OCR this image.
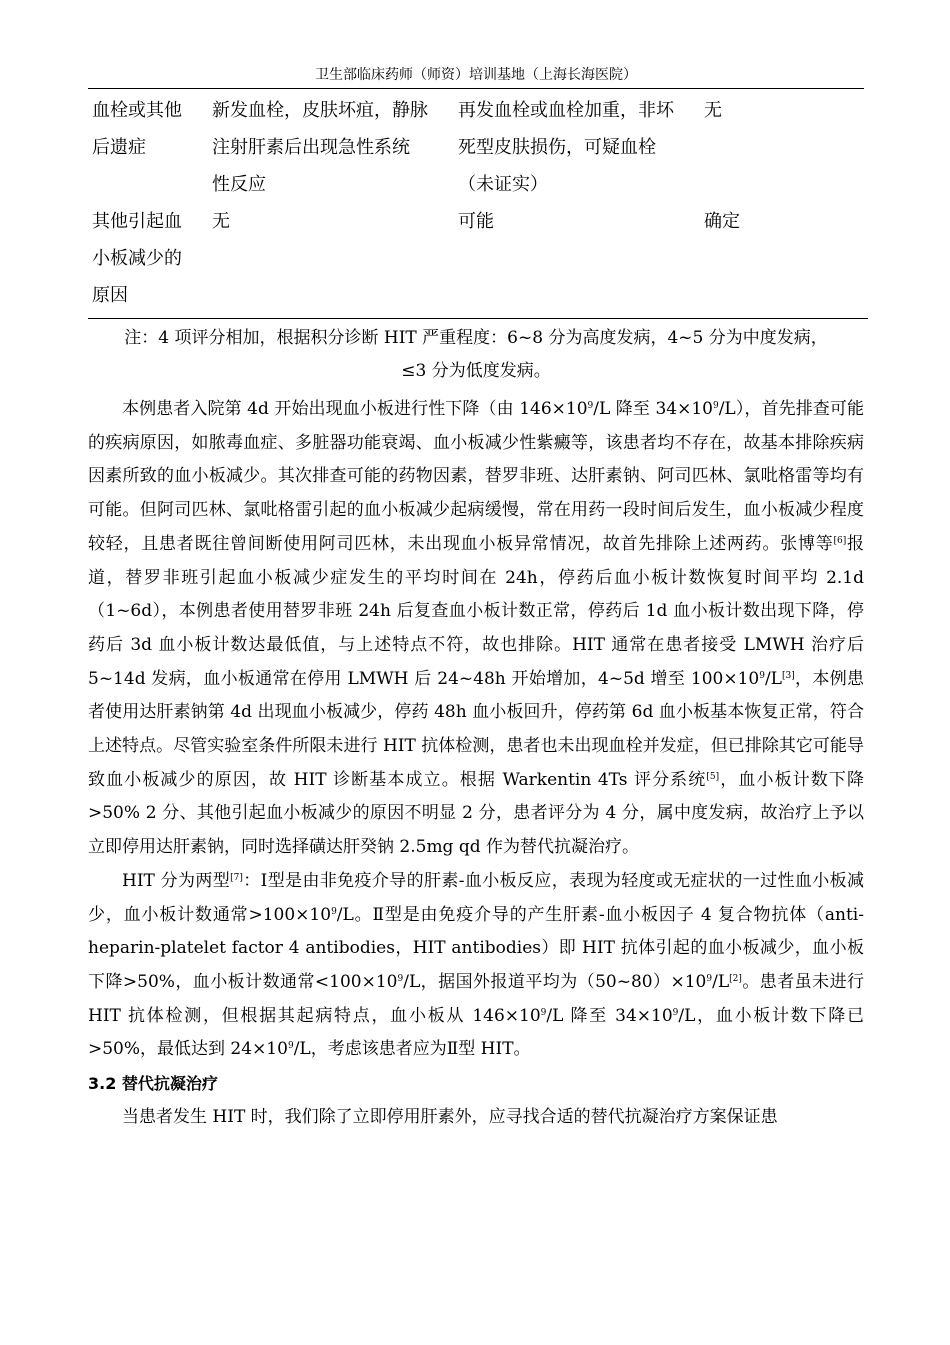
卫生部临床药师（师资）培训基地（上海长海医院）
血栓或其他
后遗症
新发血栓，皮肤坏疽，静脉
注射肝素后出现急性系统
性反应
再发血栓或血栓加重，非坏
死型皮肤损伤，可疑血栓
（未证实）
无
其他引起血
小板减少的
原因
无	可能	确定
注：4 项评分相加，根据积分诊断 HIT 严重程度：6~8 分为高度发病，4~5 分为中度发病，
≤3 分为低度发病。

本例患者入院第 4d 开始出现血小板进行性下降（由 $146\times 10^9/L$ 降至 $34\times 10^9/L$），首先排查可能的疾病原因，如脓毒血症、多脏器功能衰竭、血小板减少性紫癜等，该患者均不存在，故基本排除疾病因素所致的血小板减少。其次排查可能的药物因素，替罗非班、达肝素钠、阿司匹林、氯吡格雷等均有可能。但阿司匹林、氯吡格雷引起的血小板减少起病缓慢，常在用药一段时间后发生，血小板减少程度较轻，且患者既往曾间断使用阿司匹林，未出现血小板异常情况，故首先排除上述两药。张博等[6]报道，替罗非班引起血小板减少症发生的平均时间在 24h，停药后血小板计数恢复时间平均 2.1d（1~6d），本例患者使用替罗非班 24h 后复查血小板计数正常，停药后 1d 血小板计数出现下降，停药后 3d 血小板计数达最低值，与上述特点不符，故也排除。HIT 通常在患者接受 LMWH 治疗后 5~14d 发病，血小板通常在停用 LMWH 后 24~48h 开始增加，4~5d 增至 $100\times 10^9/L[3]$，本例患者使用达肝素钠第 4d 出现血小板减少，停药 48h 血小板回升，停药第 6d 血小板基本恢复正常，符合上述特点。尽管实验室条件所限未进行 HIT 抗体检测，患者也未出现血栓并发症，但已排除其它可能导致血小板减少的原因，故 HIT 诊断基本成立。根据 Warkentin 4Ts 评分系统[5]，血小板计数下降>50% 2 分、其他引起血小板减少的原因不明显 2 分，患者评分为 4 分，属中度发病，故治疗上予以立即停用达肝素钠，同时选择磺达肝癸钠 2.5mg qd 作为替代抗凝治疗。

HIT 分为两型[7]：Ⅰ型是由非免疫介导的肝素-血小板反应，表现为轻度或无症状的一过性血小板减少，血小板计数通常$>100\times 10^9/L$。Ⅱ型是由免疫介导的产生肝素-血小板因子 4 复合物抗体（anti-heparin-platelet factor 4 antibodies，HIT antibodies）即 HIT 抗体引起的血小板减少，血小板下降>50%，血小板计数通常$<100\times 10^9/L$，据国外报道平均为$(50\sim 80)\times 10^9/L[2]$。患者虽未进行 HIT 抗体检测，但根据其起病特点，血小板从 $146\times 10^9/L$ 降至 $34\times 10^9/L$，血小板计数下降已>50%，最低达到 $24\times 10^9/L$，考虑该患者应为Ⅱ型 HIT。

3.2 替代抗凝治疗

当患者发生 HIT 时，我们除了立即停用肝素外，应寻找合适的替代抗凝治疗方案保证患
